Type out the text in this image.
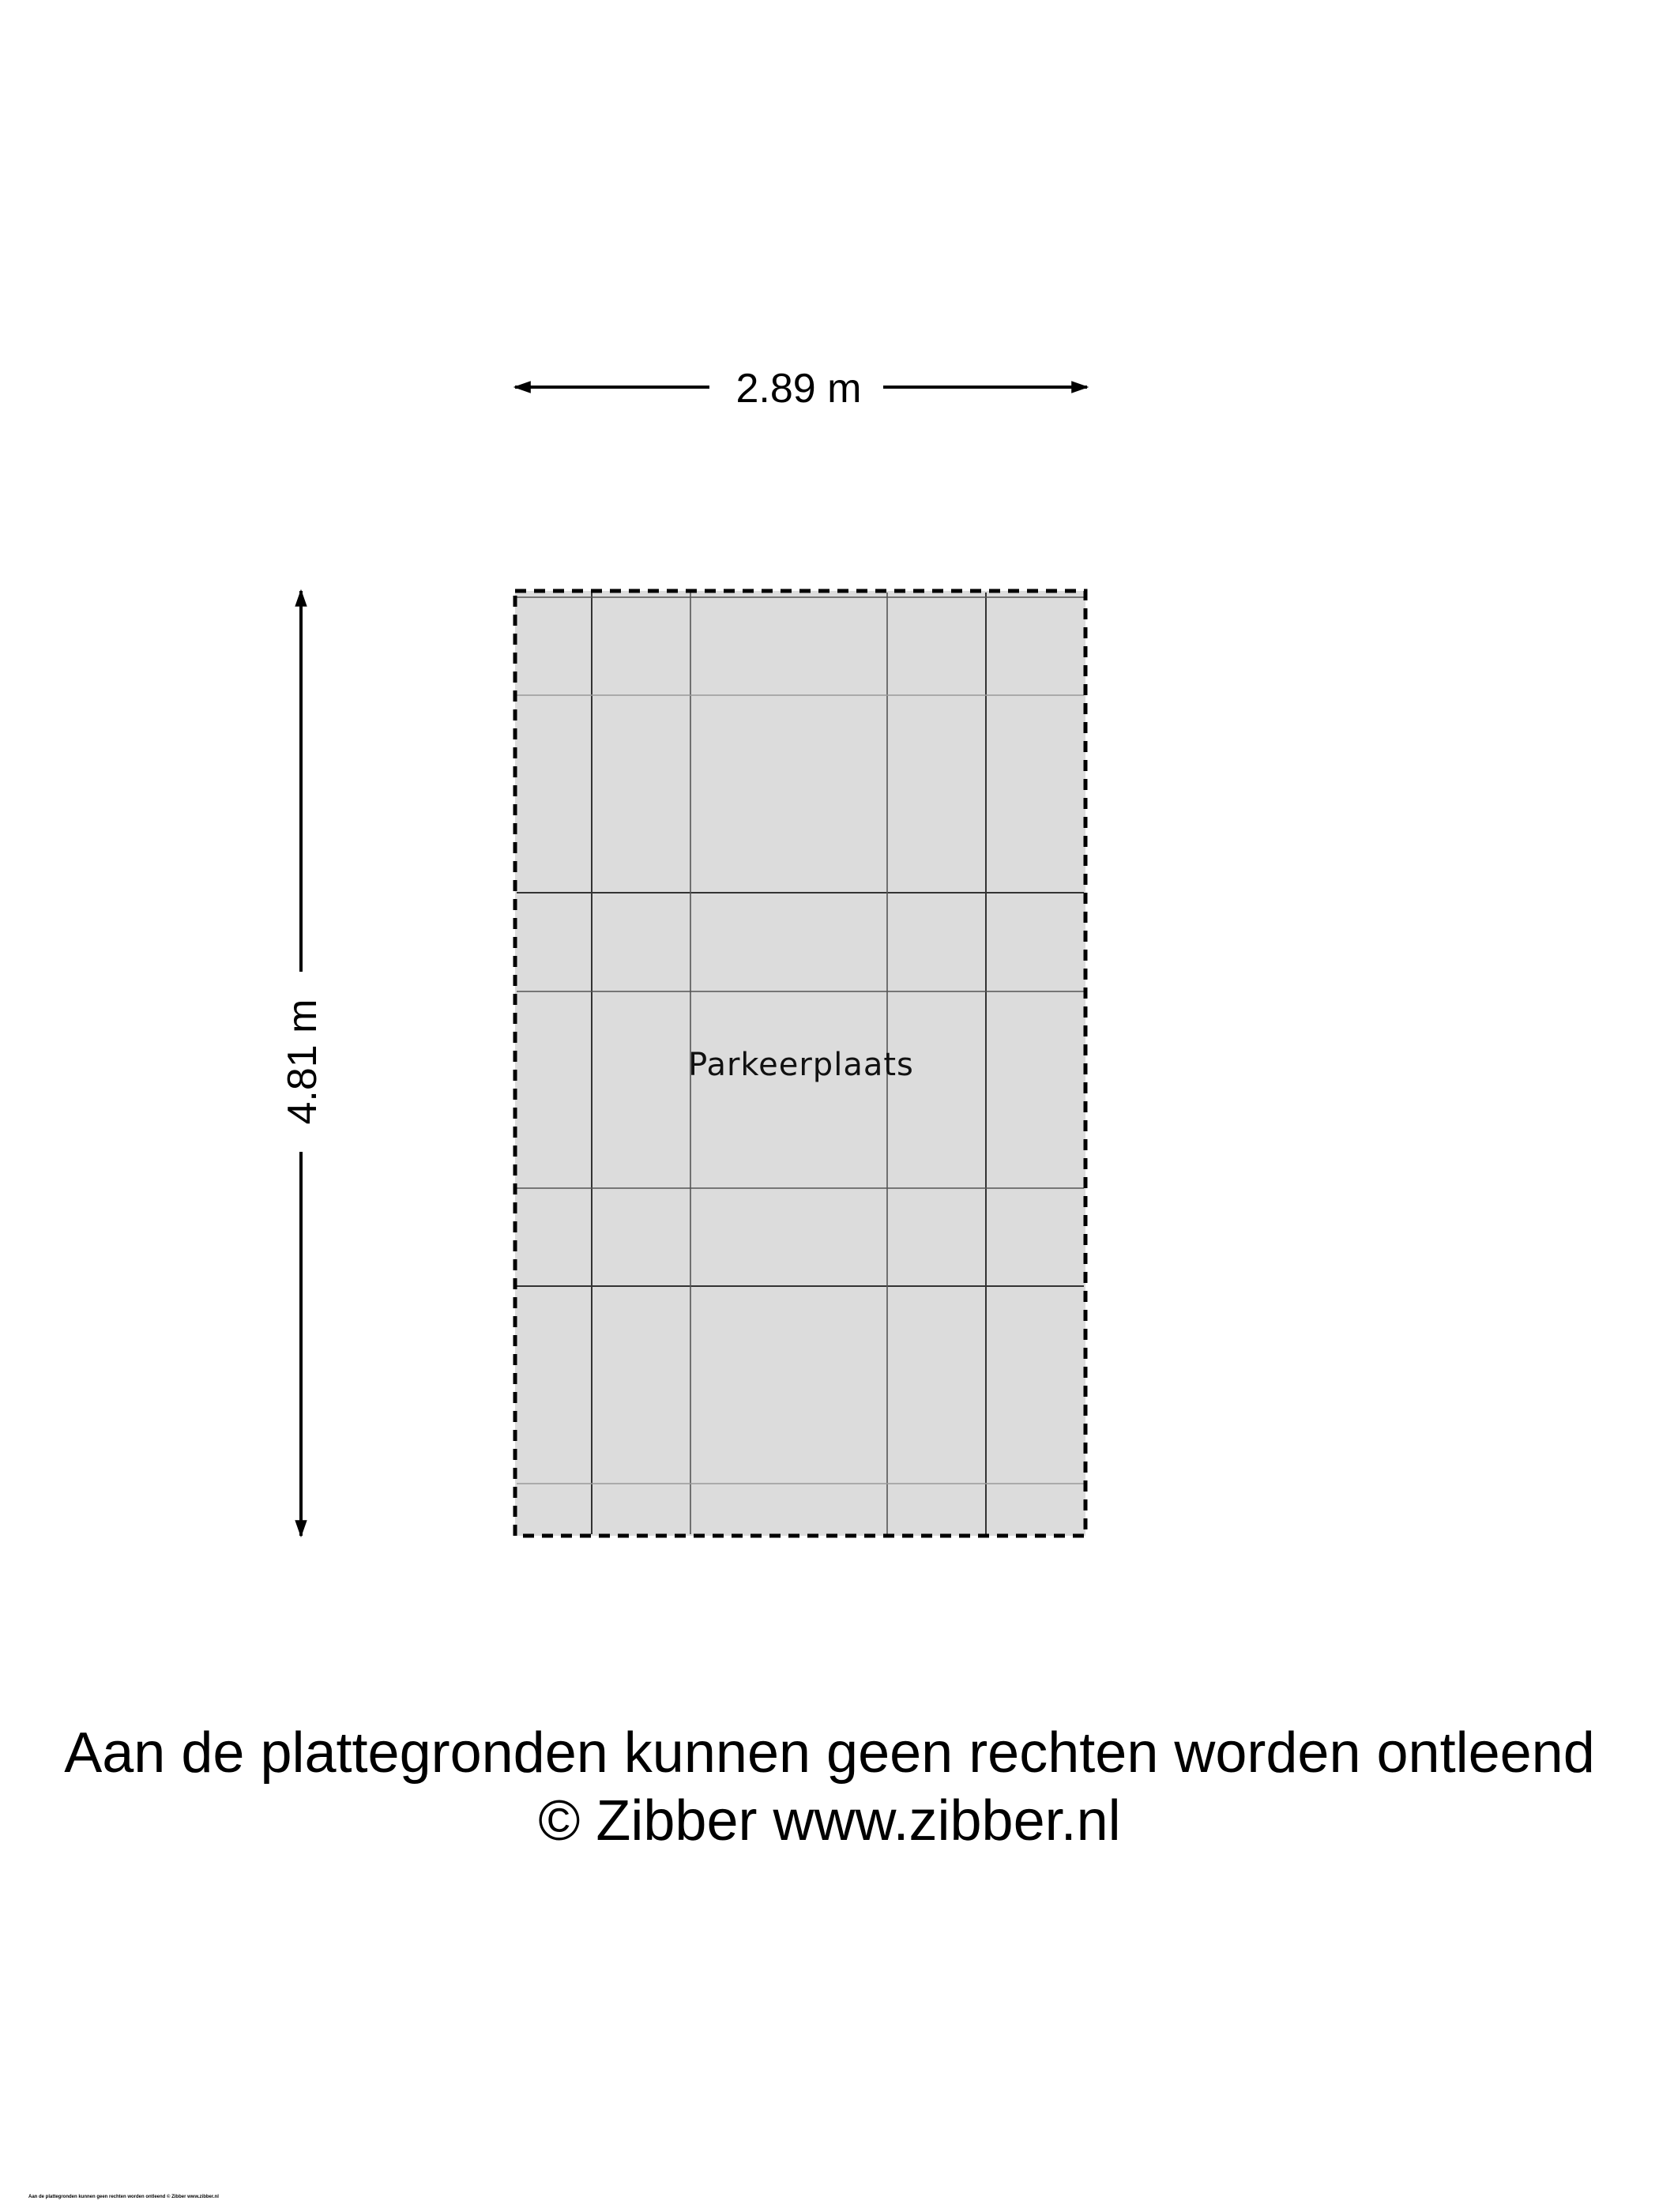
2.89 m
4.81 m	Parkeerplaats
Aan de plattegronden kunnen geen rechten worden ontleend
© Zibber www.zibber.nl
Aan de plattegronden kunnen geen rechten worden ontleend © Zibber www.zibber.nl
